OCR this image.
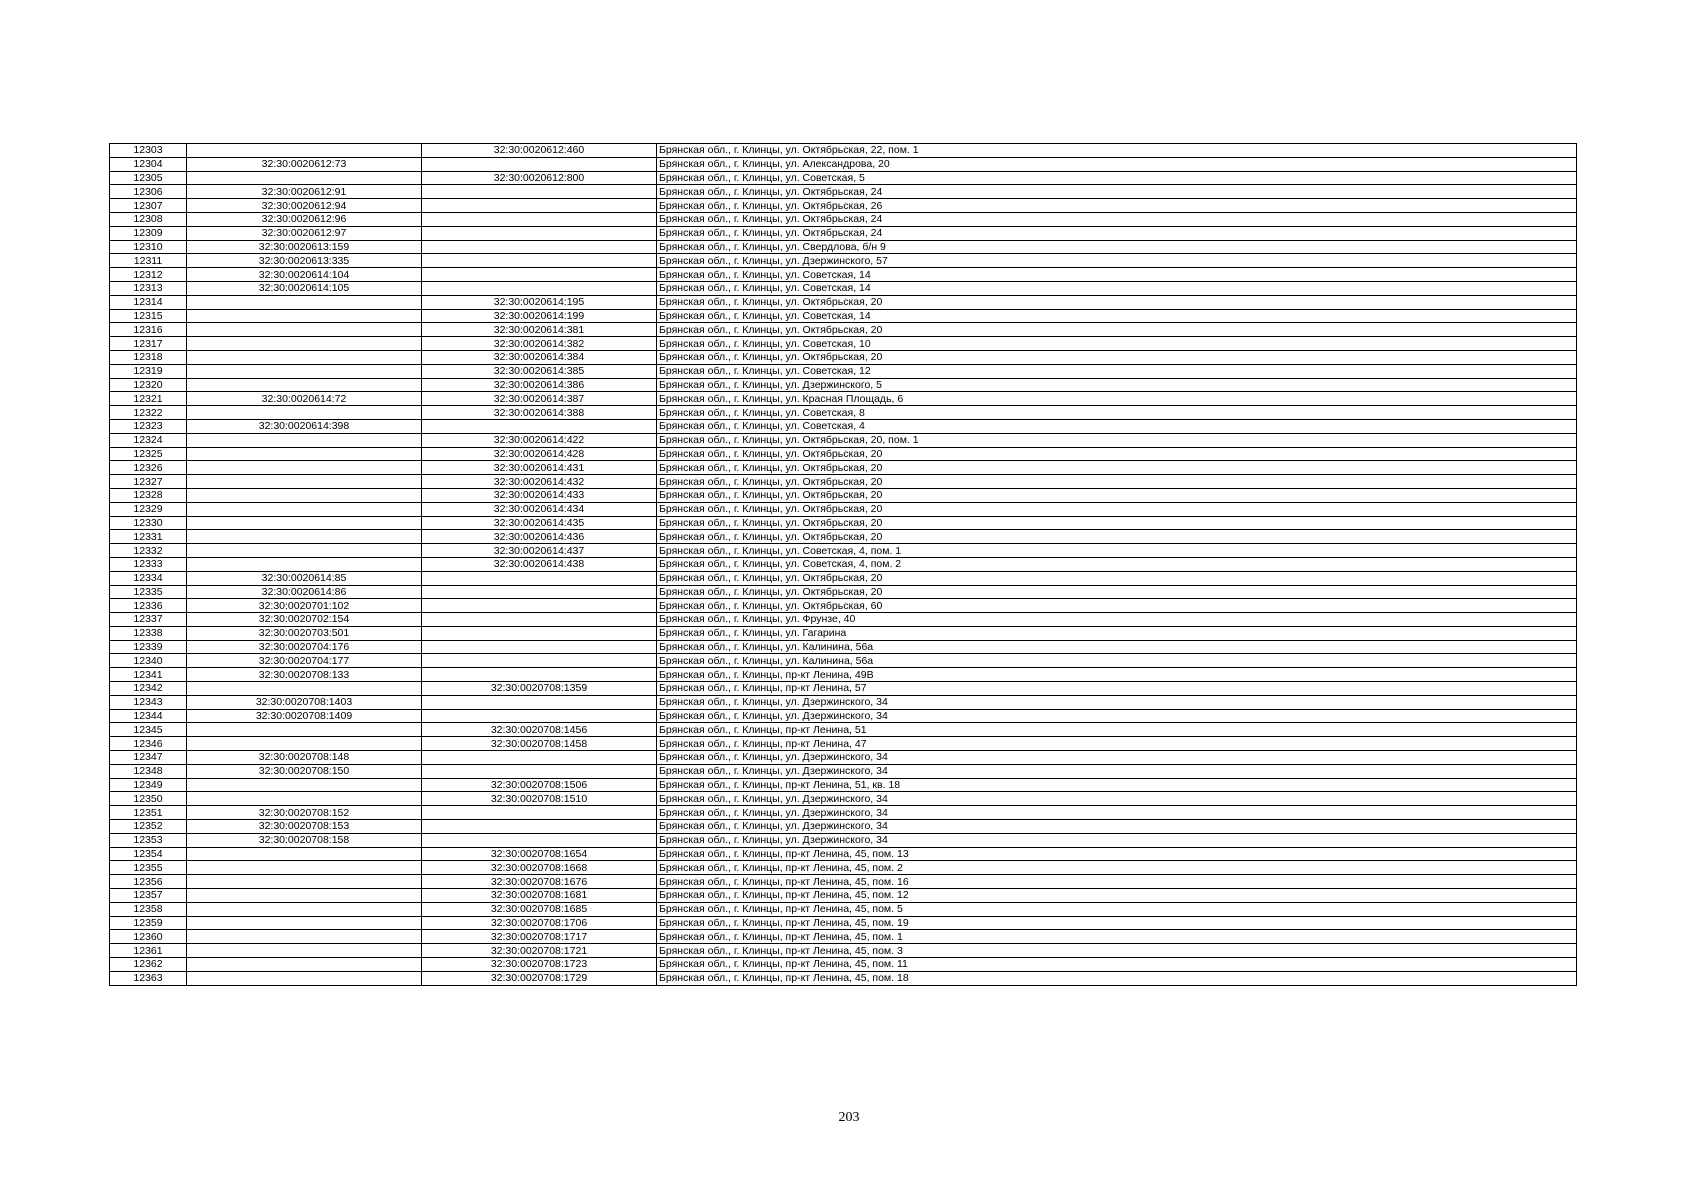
12303		32:30:0020612:460	Брянская обл., г. Клинцы, ул. Октябрьская, 22, пом. 1
12304	32:30:0020612:73		Брянская обл., г. Клинцы, ул. Александрова, 20
12305		32:30:0020612:800	Брянская обл., г. Клинцы, ул. Советская, 5
12306	32:30:0020612:91		Брянская обл., г. Клинцы, ул. Октябрьская, 24
12307	32:30:0020612:94		Брянская обл., г. Клинцы, ул. Октябрьская, 26
12308	32:30:0020612:96		Брянская обл., г. Клинцы, ул. Октябрьская, 24
12309	32:30:0020612:97		Брянская обл., г. Клинцы, ул. Октябрьская, 24
12310	32:30:0020613:159		Брянская обл., г. Клинцы, ул. Свердлова, б/н 9
12311	32:30:0020613:335		Брянская обл., г. Клинцы, ул. Дзержинского, 57
12312	32:30:0020614:104		Брянская обл., г. Клинцы, ул. Советская, 14
12313	32:30:0020614:105		Брянская обл., г. Клинцы, ул. Советская, 14
12314		32:30:0020614:195	Брянская обл., г. Клинцы, ул. Октябрьская, 20
12315		32:30:0020614:199	Брянская обл., г. Клинцы, ул. Советская, 14
12316		32:30:0020614:381	Брянская обл., г. Клинцы, ул. Октябрьская, 20
12317		32:30:0020614:382	Брянская обл., г. Клинцы, ул. Советская, 10
12318		32:30:0020614:384	Брянская обл., г. Клинцы, ул. Октябрьская, 20
12319		32:30:0020614:385	Брянская обл., г. Клинцы, ул. Советская, 12
12320		32:30:0020614:386	Брянская обл., г. Клинцы, ул. Дзержинского, 5
12321	32:30:0020614:72	32:30:0020614:387	Брянская обл., г. Клинцы, ул. Красная Площадь, 6
12322		32:30:0020614:388	Брянская обл., г. Клинцы, ул. Советская, 8
12323	32:30:0020614:398		Брянская обл., г. Клинцы, ул. Советская, 4
12324		32:30:0020614:422	Брянская обл., г. Клинцы, ул. Октябрьская, 20, пом. 1
12325		32:30:0020614:428	Брянская обл., г. Клинцы, ул. Октябрьская, 20
12326		32:30:0020614:431	Брянская обл., г. Клинцы, ул. Октябрьская, 20
12327		32:30:0020614:432	Брянская обл., г. Клинцы, ул. Октябрьская, 20
12328		32:30:0020614:433	Брянская обл., г. Клинцы, ул. Октябрьская, 20
12329		32:30:0020614:434	Брянская обл., г. Клинцы, ул. Октябрьская, 20
12330		32:30:0020614:435	Брянская обл., г. Клинцы, ул. Октябрьская, 20
12331		32:30:0020614:436	Брянская обл., г. Клинцы, ул. Октябрьская, 20
12332		32:30:0020614:437	Брянская обл., г. Клинцы, ул. Советская, 4, пом. 1
12333		32:30:0020614:438	Брянская обл., г. Клинцы, ул. Советская, 4, пом. 2
12334	32:30:0020614:85		Брянская обл., г. Клинцы, ул. Октябрьская, 20
12335	32:30:0020614:86		Брянская обл., г. Клинцы, ул. Октябрьская, 20
12336	32:30:0020701:102		Брянская обл., г. Клинцы, ул. Октябрьская, 60
12337	32:30:0020702:154		Брянская обл., г. Клинцы, ул. Фрунзе, 40
12338	32:30:0020703:501		Брянская обл., г. Клинцы, ул. Гагарина
12339	32:30:0020704:176		Брянская обл., г. Клинцы, ул. Калинина, 56а
12340	32:30:0020704:177		Брянская обл., г. Клинцы, ул. Калинина, 56а
12341	32:30:0020708:133		Брянская обл., г. Клинцы, пр-кт Ленина, 49В
12342		32:30:0020708:1359	Брянская обл., г. Клинцы, пр-кт Ленина, 57
12343	32:30:0020708:1403		Брянская обл., г. Клинцы, ул. Дзержинского, 34
12344	32:30:0020708:1409		Брянская обл., г. Клинцы, ул. Дзержинского, 34
12345		32:30:0020708:1456	Брянская обл., г. Клинцы, пр-кт Ленина, 51
12346		32:30:0020708:1458	Брянская обл., г. Клинцы, пр-кт Ленина, 47
12347	32:30:0020708:148		Брянская обл., г. Клинцы, ул. Дзержинского, 34
12348	32:30:0020708:150		Брянская обл., г. Клинцы, ул. Дзержинского, 34
12349		32:30:0020708:1506	Брянская обл., г. Клинцы, пр-кт Ленина, 51, кв. 18
12350		32:30:0020708:1510	Брянская обл., г. Клинцы, ул. Дзержинского, 34
12351	32:30:0020708:152		Брянская обл., г. Клинцы, ул. Дзержинского, 34
12352	32:30:0020708:153		Брянская обл., г. Клинцы, ул. Дзержинского, 34
12353	32:30:0020708:158		Брянская обл., г. Клинцы, ул. Дзержинского, 34
12354		32:30:0020708:1654	Брянская обл., г. Клинцы, пр-кт Ленина, 45, пом. 13
12355		32:30:0020708:1668	Брянская обл., г. Клинцы, пр-кт Ленина, 45, пом. 2
12356		32:30:0020708:1676	Брянская обл., г. Клинцы, пр-кт Ленина, 45, пом. 16
12357		32:30:0020708:1681	Брянская обл., г. Клинцы, пр-кт Ленина, 45, пом. 12
12358		32:30:0020708:1685	Брянская обл., г. Клинцы, пр-кт Ленина, 45, пом. 5
12359		32:30:0020708:1706	Брянская обл., г. Клинцы, пр-кт Ленина, 45, пом. 19
12360		32:30:0020708:1717	Брянская обл., г. Клинцы, пр-кт Ленина, 45, пом. 1
12361		32:30:0020708:1721	Брянская обл., г. Клинцы, пр-кт Ленина, 45, пом. 3
12362		32:30:0020708:1723	Брянская обл., г. Клинцы, пр-кт Ленина, 45, пом. 11
12363		32:30:0020708:1729	Брянская обл., г. Клинцы, пр-кт Ленина, 45, пом. 18
203
